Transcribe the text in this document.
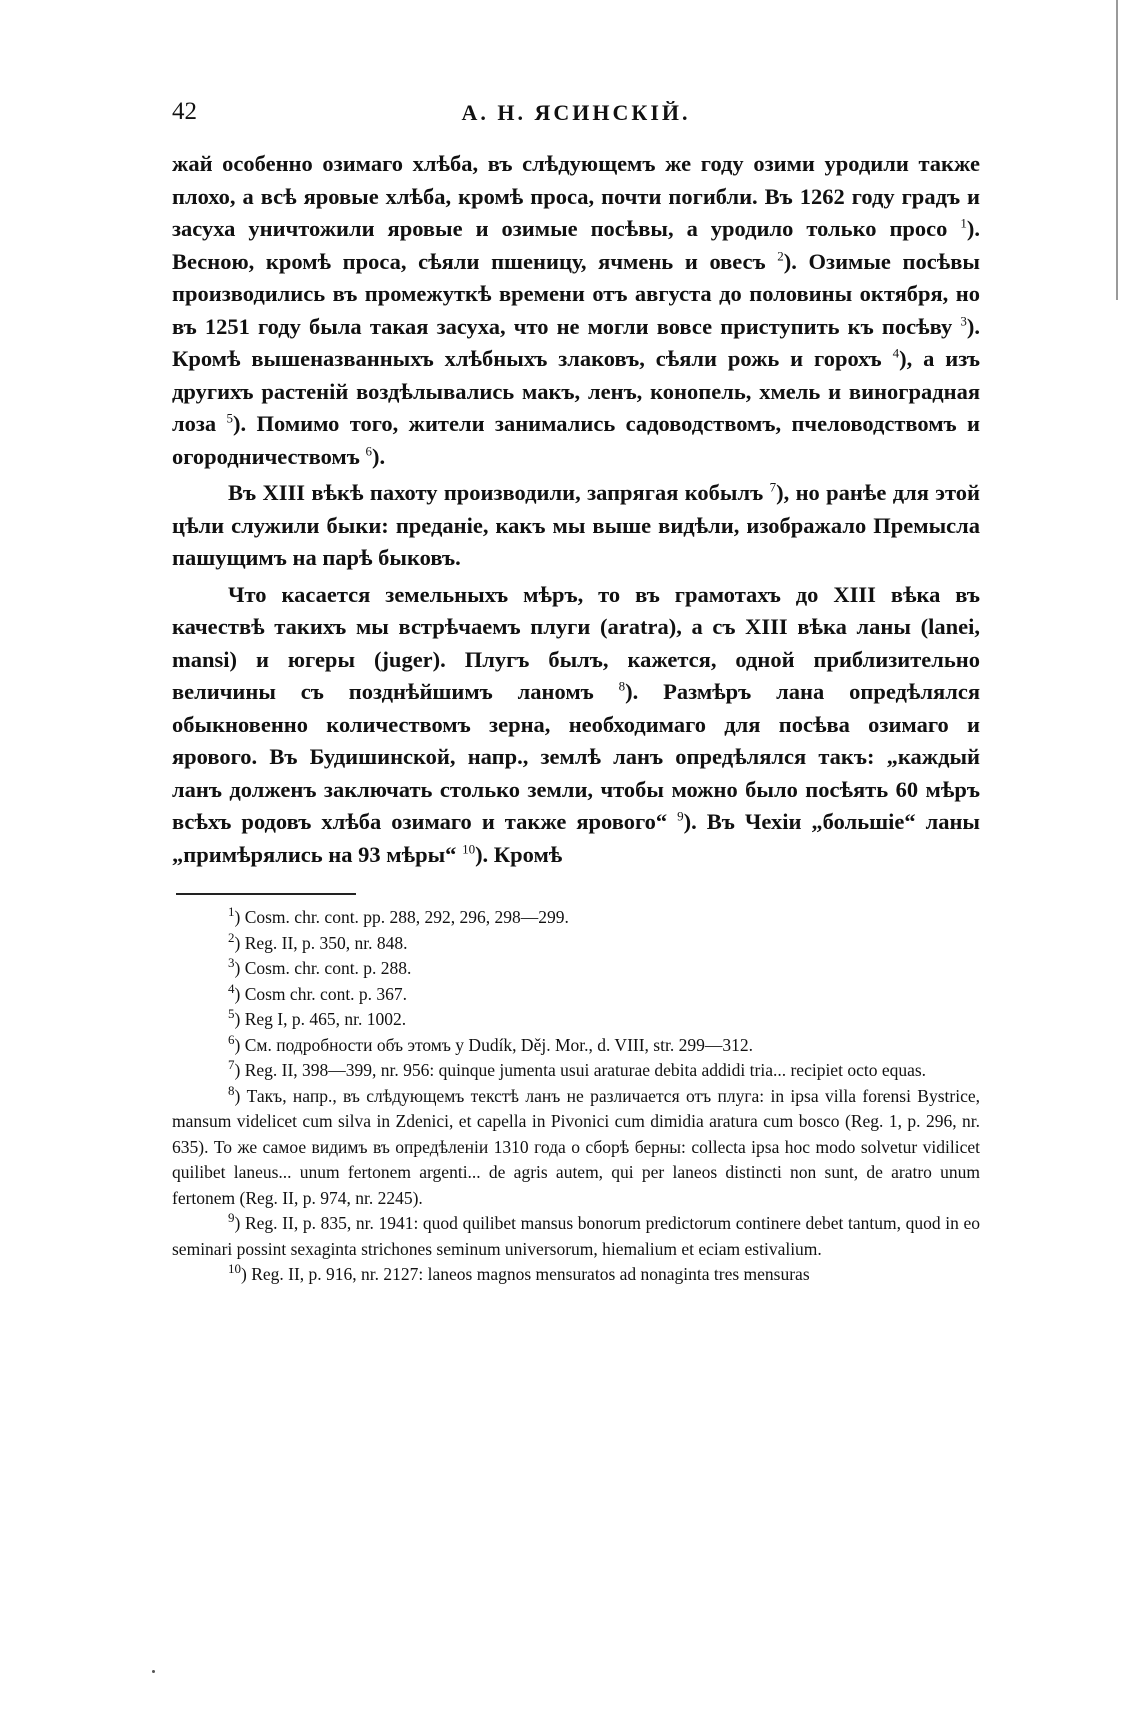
42	А. Н. ЯСИНСКІЙ.

жай особенно озимаго хлѣба, въ слѣдующемъ же году озими уродили также плохо, а всѣ яровые хлѣба, кромѣ проса, почти погибли. Въ 1262 году градъ и засуха уничтожили яровые и озимые посѣвы, а уродило только просо $^1$). Весною, кромѣ проса, сѣяли пшеницу, ячмень и овесъ $^2$). Озимые посѣвы производились въ промежуткѣ времени отъ августа до половины октября, но въ 1251 году была такая засуха, что не могли вовсе приступить къ посѣву $^3$). Кромѣ вышеназванныхъ хлѣбныхъ злаковъ, сѣяли рожь и горохъ $^4$), а изъ другихъ растеній воздѣлывались макъ, ленъ, конопель, хмель и виноградная лоза $^5$). Помимо того, жители занимались садоводствомъ, пчеловодствомъ и огородничествомъ $^6$).

Въ XIII вѣкѣ пахоту производили, запрягая кобылъ $^7$), но ранѣе для этой цѣли служили быки: преданіе, какъ мы выше видѣли, изображало Премысла пашущимъ на парѣ быковъ.

Что касается земельныхъ мѣръ, то въ грамотахъ до XIII вѣка въ качествѣ такихъ мы встрѣчаемъ плуги (aratra), а съ XIII вѣка ланы (lanei, mansi) и югеры (juger). Плугъ былъ, кажется, одной приблизительно величины съ позднѣйшимъ ланомъ $^8$). Размѣръ лана опредѣлялся обыкновенно количествомъ зерна, необходимаго для посѣва озимаго и ярового. Въ Будишинской, напр., землѣ ланъ опредѣлялся такъ: „каждый ланъ долженъ заключать столько земли, чтобы можно было посѣять 60 мѣръ всѣхъ родовъ хлѣба озимаго и также ярового“ $^9$). Въ Чехіи „большіе“ ланы „примѣрялись на 93 мѣры“ $^{10}$). Кромѣ

$^1$) Cosm. chr. cont. pp. 288, 292, 296, 298—299.

$^2$) Reg. II, p. 350, nr. 848.

$^3$) Cosm. chr. cont. p. 288.

$^4$) Cosm chr. cont. p. 367.

$^5$) Reg I, p. 465, nr. 1002.

$^6$) См. подробности объ этомъ у Dudík, Děj. Mor., d. VIII, str. 299—312.

$^7$) Reg. II, 398—399, nr. 956: quinque jumenta usui araturae debita addidi tria... recipiet octo equas.

$^8$) Такъ, напр., въ слѣдующемъ текстѣ ланъ не различается отъ плуга: in ipsa villa forensi Bystrice, mansum videlicet cum silva in Zdenici, et capella in Pivonici cum dimidia aratura cum bosco (Reg. 1, p. 296, nr. 635). То же самое видимъ въ опредѣленіи 1310 года о сборѣ берны: collecta ipsa hoc modo solvetur vidilicet quilibet laneus... unum fertonem argenti... de agris autem, qui per laneos distincti non sunt, de aratro unum fertonem (Reg. II, p. 974, nr. 2245).

$^9$) Reg. II, p. 835, nr. 1941: quod quilibet mansus bonorum predictorum continere debet tantum, quod in eo seminari possint sexaginta strichones seminum universorum, hiemalium et eciam estivalium.

$^{10}$) Reg. II, p. 916, nr. 2127: laneos magnos mensuratos ad nonaginta tres mensuras
